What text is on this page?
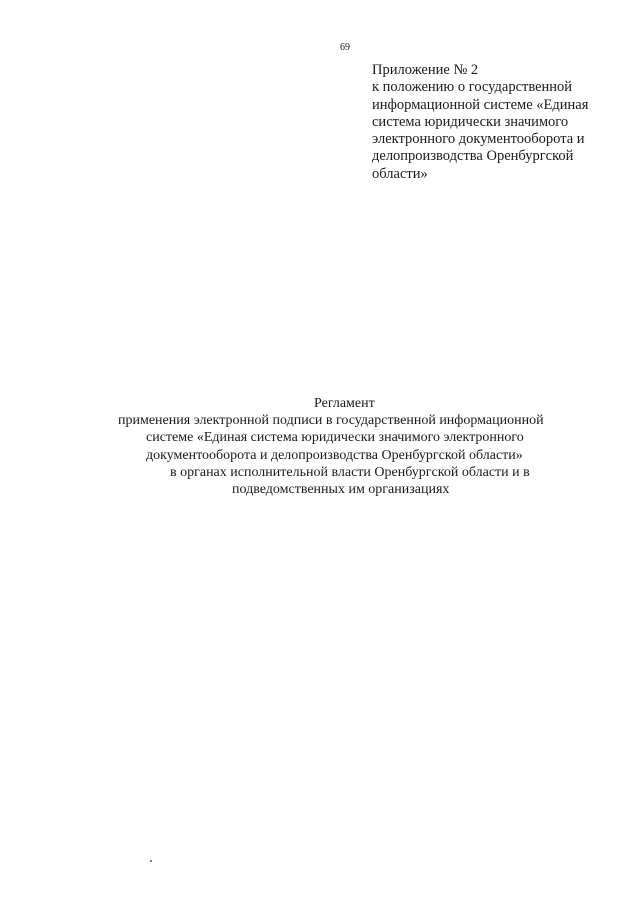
69
Приложение № 2
к положению о государственной
информационной системе «Единая
система юридически значимого
электронного документооборота и
делопроизводства Оренбургской
области»
Регламент
применения электронной подписи в государственной информационной
системе «Единая система юридически значимого электронного
документооборота и делопроизводства Оренбургской области»
в органах исполнительной власти Оренбургской области и в
подведомственных им организациях
